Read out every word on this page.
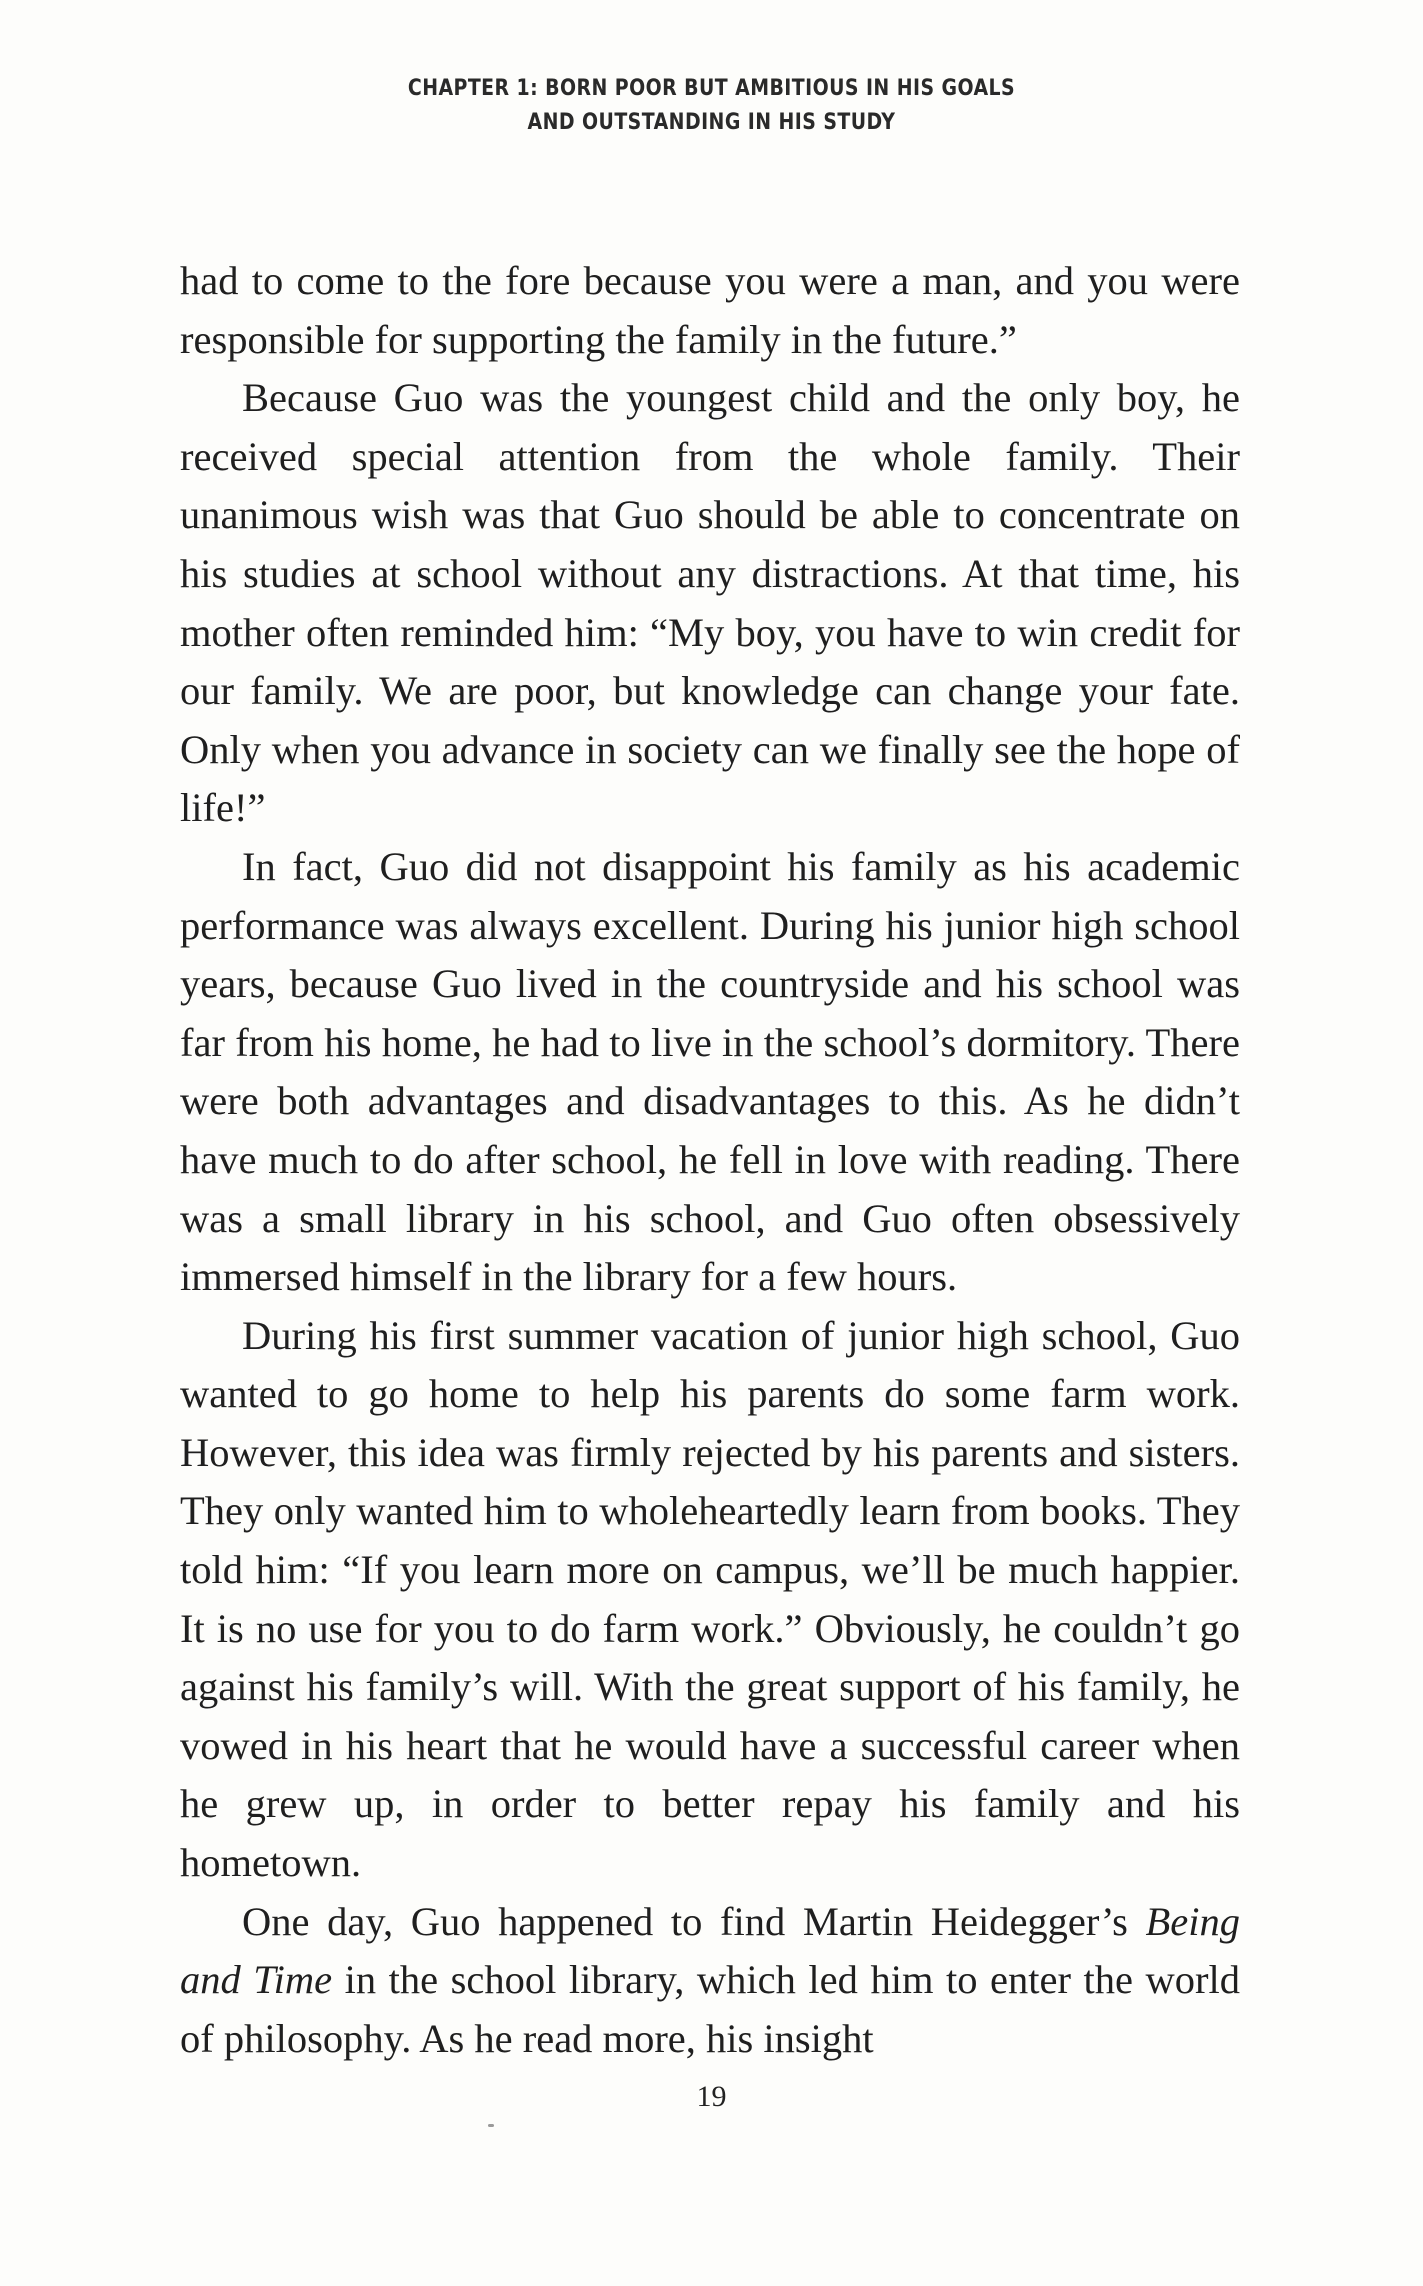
CHAPTER 1: BORN POOR BUT AMBITIOUS IN HIS GOALS
AND OUTSTANDING IN HIS STUDY

had to come to the fore because you were a man, and you were responsible for supporting the family in the future.”

Because Guo was the youngest child and the only boy, he received special attention from the whole family. Their unanimous wish was that Guo should be able to concentrate on his studies at school without any distractions. At that time, his mother often reminded him: “My boy, you have to win credit for our family. We are poor, but knowledge can change your fate. Only when you advance in society can we finally see the hope of life!”

In fact, Guo did not disappoint his family as his academic performance was always excellent. During his junior high school years, because Guo lived in the countryside and his school was far from his home, he had to live in the school’s dormitory. There were both advantages and disadvantages to this. As he didn’t have much to do after school, he fell in love with reading. There was a small library in his school, and Guo often obsessively immersed himself in the library for a few hours.

During his first summer vacation of junior high school, Guo wanted to go home to help his parents do some farm work. However, this idea was firmly rejected by his parents and sisters. They only wanted him to wholeheartedly learn from books. They told him: “If you learn more on campus, we’ll be much happier. It is no use for you to do farm work.” Obviously, he couldn’t go against his family’s will. With the great support of his family, he vowed in his heart that he would have a successful career when he grew up, in order to better repay his family and his hometown.

One day, Guo happened to find Martin Heidegger’s Being and Time in the school library, which led him to enter the world of philosophy. As he read more, his insight

19
